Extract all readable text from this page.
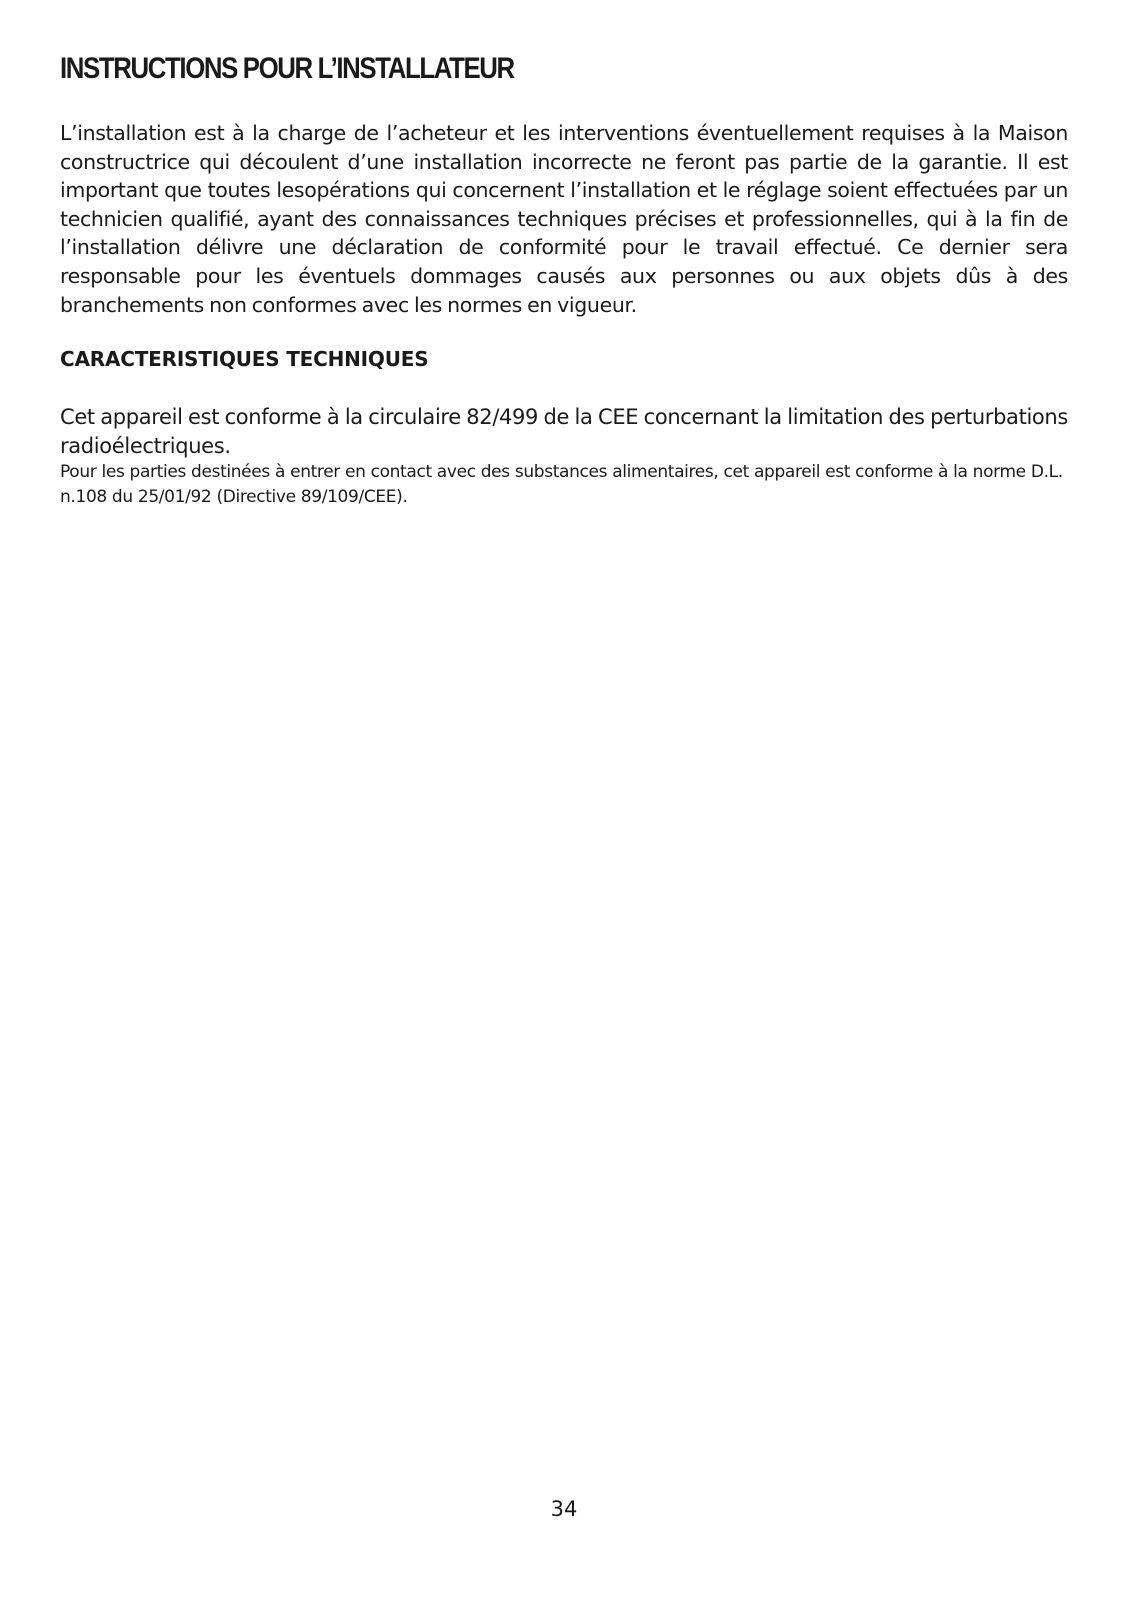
INSTRUCTIONS POUR L’INSTALLATEUR

L’installation est à la charge de l’acheteur et les interventions éventuellement requises à la Maison constructrice qui découlent d’une installation incorrecte ne feront pas partie de la garantie. Il est important que toutes lesopérations qui concernent l’installation et le réglage soient effectuées par un technicien qualifié, ayant des connaissances techniques précises et professionnelles, qui à la fin de l’installation délivre une déclaration de conformité pour le travail effectué. Ce dernier sera responsable pour les éventuels dommages causés aux personnes ou aux objets dûs à des branchements non conformes avec les normes en vigueur.

CARACTERISTIQUES TECHNIQUES

Cet appareil est conforme à la circulaire 82/499 de la CEE concernant la limitation des perturbations radioélectriques.

Pour les parties destinées à entrer en contact avec des substances alimentaires, cet appareil est conforme à la norme D.L. n.108 du 25/01/92 (Directive 89/109/CEE).

34
